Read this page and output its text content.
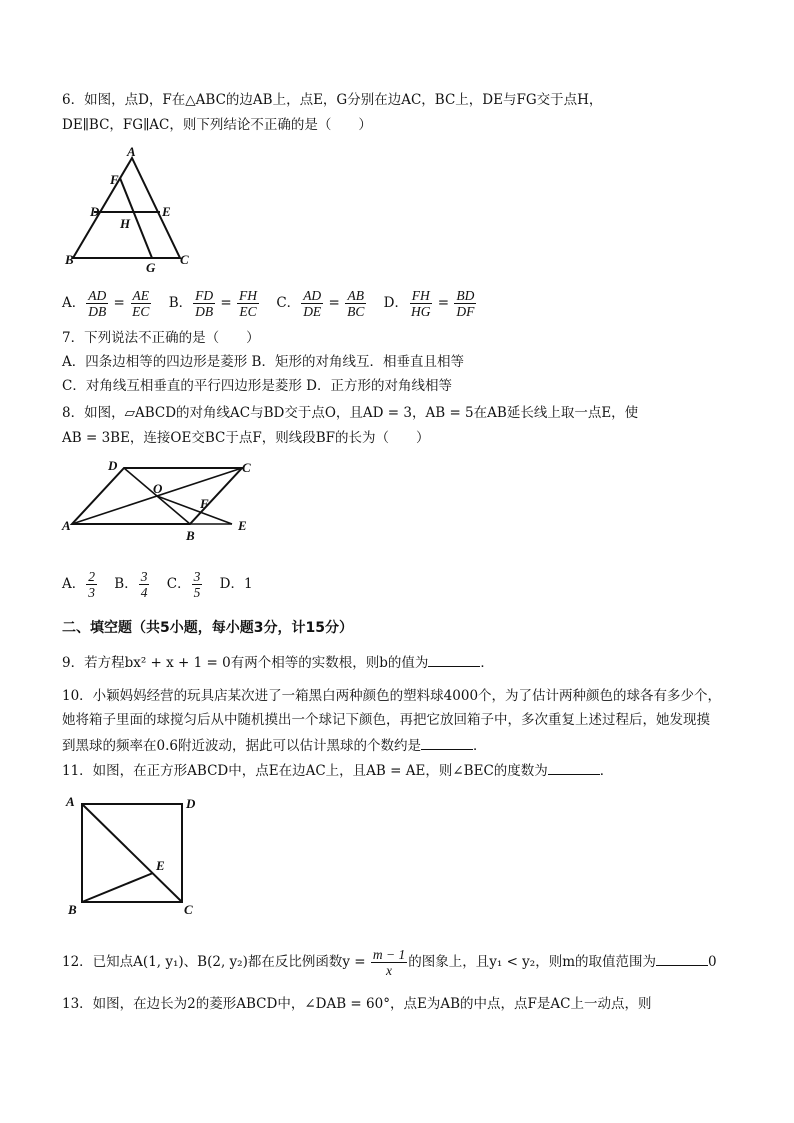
6．如图，点D，F在△ABC的边AB上，点E，G分别在边AC，BC上，DE与FG交于点H，
DE∥BC，FG∥AC，则下列结论不正确的是（　　）
A
F
D	E
H
B
G
C
A． $\frac{AD}{DB} = \frac{AE}{EC}$
B． $\frac{FD}{DB} = \frac{FH}{EC}$
C． $\frac{AD}{DE} = \frac{AB}{BC}$
D． $\frac{FH}{HG} = \frac{BD}{DF}$
7．下列说法不正确的是（　　）
A．四条边相等的四边形是菱形 B．矩形的对角线互．相垂直且相等
C．对角线互相垂直的平行四边形是菱形 D．正方形的对角线相等
8．如图，▱ABCD的对角线AC与BD交于点O，且AD = 3，AB = 5在AB延长线上取一点E，使
AB = 3BE，连接OE交BC于点F，则线段BF的长为（　　）
D	C
O
F
A
B
E
A． $\frac{2}{3}$
B． $\frac{3}{4}$
C． $\frac{3}{5}$
D． 1
二、填空题（共5小题，每小题3分，计15分）
9．若方程bx² + x + 1 = 0有两个相等的实数根，则b的值为	．
10．小颖妈妈经营的玩具店某次进了一箱黑白两种颜色的塑料球4000个，为了估计两种颜色的球各有多少个，
她将箱子里面的球搅匀后从中随机摸出一个球记下颜色，再把它放回箱子中，多次重复上述过程后，她发现摸
到黑球的频率在0.6附近波动，据此可以估计黑球的个数约是	．
11．如图，在正方形ABCD中，点E在边AC上，且AB = AE，则∠BEC的度数为	．
A	D
E
B	C
12．已知点A(1, y₁)、B(2, y₂)都在反比例函数$y = \frac{m - 1}{x}$ 的图象上，且y₁ < y₂，则m的取值范围为	0
13．如图，在边长为2的菱形ABCD中，∠DAB = 60°，点E为AB的中点，点F是AC上一动点，则
